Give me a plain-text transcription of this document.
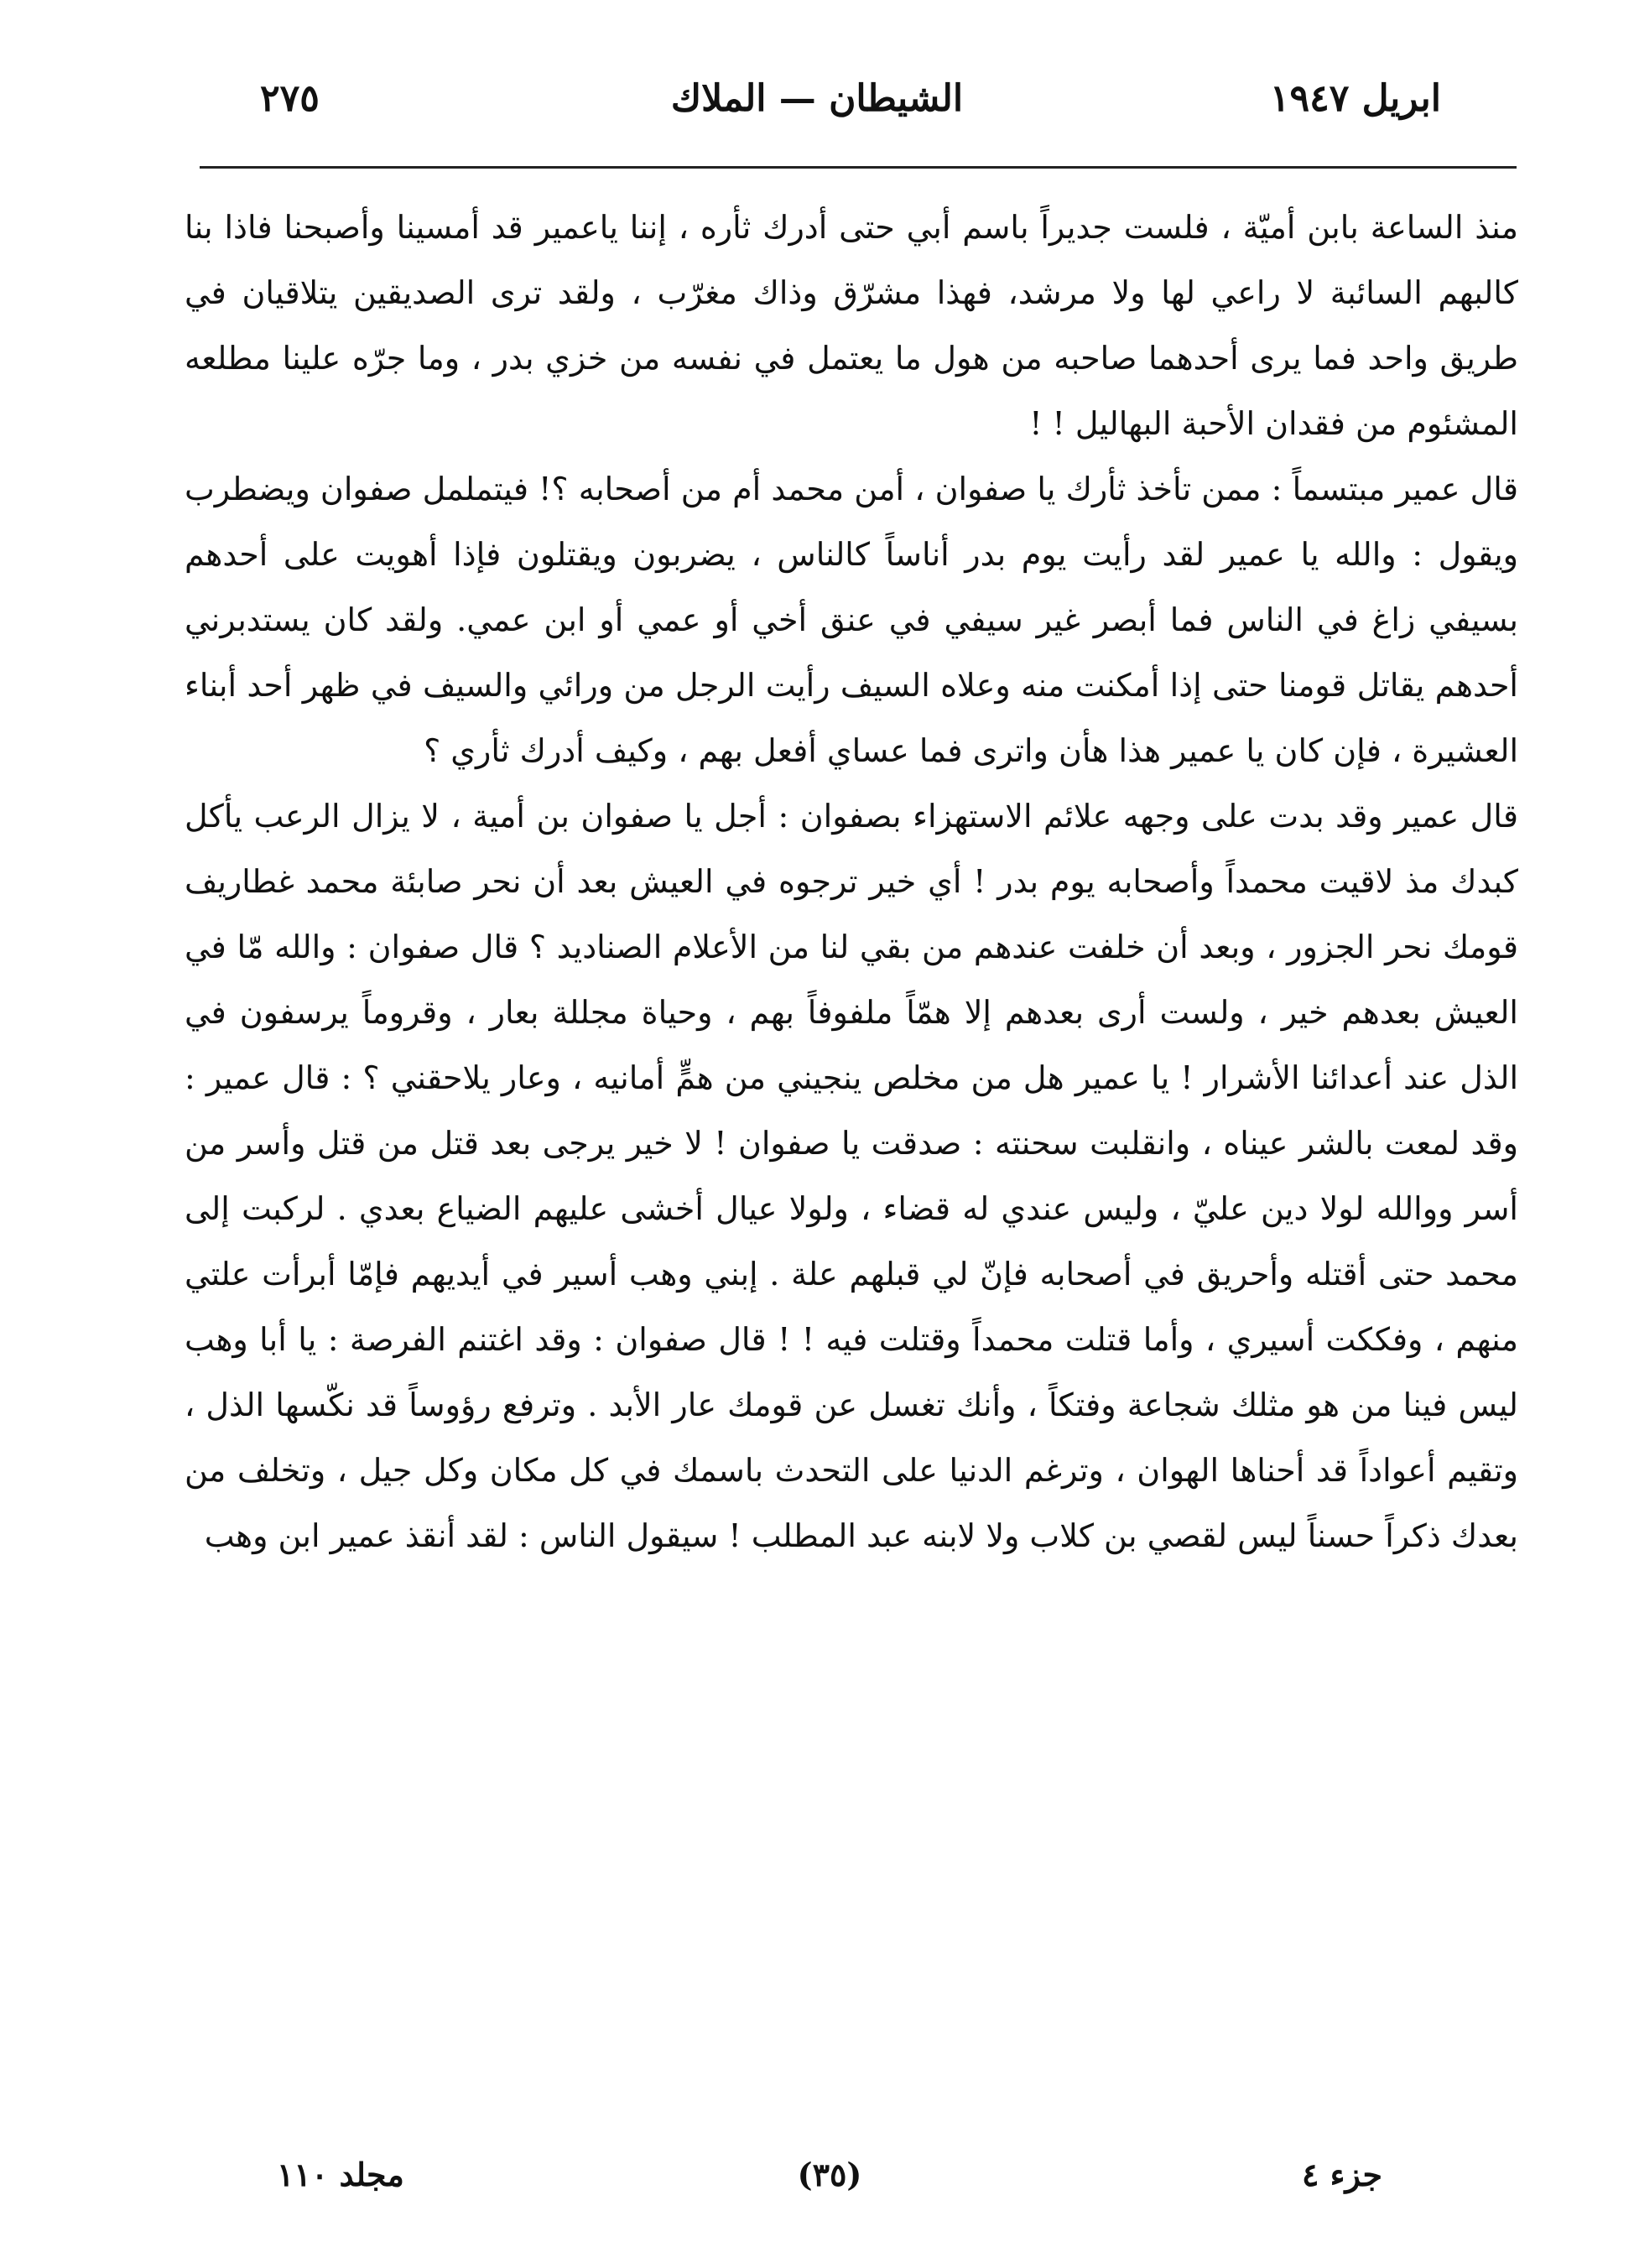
ابريل ١٩٤٧
الشيطان — الملاك
٢٧٥

منذ الساعة بابن أميّة ، فلست جديراً باسم أبي حتى أدرك ثأره ، إننا ياعمير قد أمسينا وأصبحنا فاذا بنا كالبهم السائبة لا راعي لها ولا مرشد، فهذا مشرّق وذاك مغرّب ، ولقد ترى الصديقين يتلاقيان في طريق واحد فما يرى أحدهما صاحبه من هول ما يعتمل في نفسه من خزي بدر ، وما جرّه علينا مطلعه المشئوم من فقدان الأحبة البهاليل ! !

قال عمير مبتسماً : ممن تأخذ ثأرك يا صفوان ، أمن محمد أم من أصحابه ؟! فيتململ صفوان ويضطرب ويقول : والله يا عمير لقد رأيت يوم بدر أناساً كالناس ، يضربون ويقتلون فإذا أهويت على أحدهم بسيفي زاغ في الناس فما أبصر غير سيفي في عنق أخي أو عمي أو ابن عمي. ولقد كان يستدبرني أحدهم يقاتل قومنا حتى إذا أمكنت منه وعلاه السيف رأيت الرجل من ورائي والسيف في ظهر أحد أبناء العشيرة ، فإن كان يا عمير هذا هأن واترى فما عساي أفعل بهم ، وكيف أدرك ثأري ؟

قال عمير وقد بدت على وجهه علائم الاستهزاء بصفوان : أجل يا صفوان بن أمية ، لا يزال الرعب يأكل كبدك مذ لاقيت محمداً وأصحابه يوم بدر ! أي خير ترجوه في العيش بعد أن نحر صابئة محمد غطاريف قومك نحر الجزور ، وبعد أن خلفت عندهم من بقي لنا من الأعلام الصناديد ؟ قال صفوان : والله مّا في العيش بعدهم خير ، ولست أرى بعدهم إلا همّاً ملفوفاً بهم ، وحياة مجللة بعار ، وقروماً يرسفون في الذل عند أعدائنا الأشرار ! يا عمير هل من مخلص ينجيني من همٍّ أمانيه ، وعار يلاحقني ؟ : قال عمير : وقد لمعت بالشر عيناه ، وانقلبت سحنته : صدقت يا صفوان ! لا خير يرجى بعد قتل من قتل وأسر من أسر ووالله لولا دين عليّ ، وليس عندي له قضاء ، ولولا عيال أخشى عليهم الضياع بعدي . لركبت إلى محمد حتى أقتله وأحريق في أصحابه فإنّ لي قبلهم علة . إبني وهب أسير في أيديهم فإمّا أبرأت علتي منهم ، وفككت أسيري ، وأما قتلت محمداً وقتلت فيه ! ! قال صفوان : وقد اغتنم الفرصة : يا أبا وهب ليس فينا من هو مثلك شجاعة وفتكاً ، وأنك تغسل عن قومك عار الأبد . وترفع رؤوساً قد نكّسها الذل ، وتقيم أعواداً قد أحناها الهوان ، وترغم الدنيا على التحدث باسمك في كل مكان وكل جيل ، وتخلف من بعدك ذكراً حسناً ليس لقصي بن كلاب ولا لابنه عبد المطلب ! سيقول الناس : لقد أنقذ عمير ابن وهب

جزء ٤
(٣٥)
مجلد ١١٠
